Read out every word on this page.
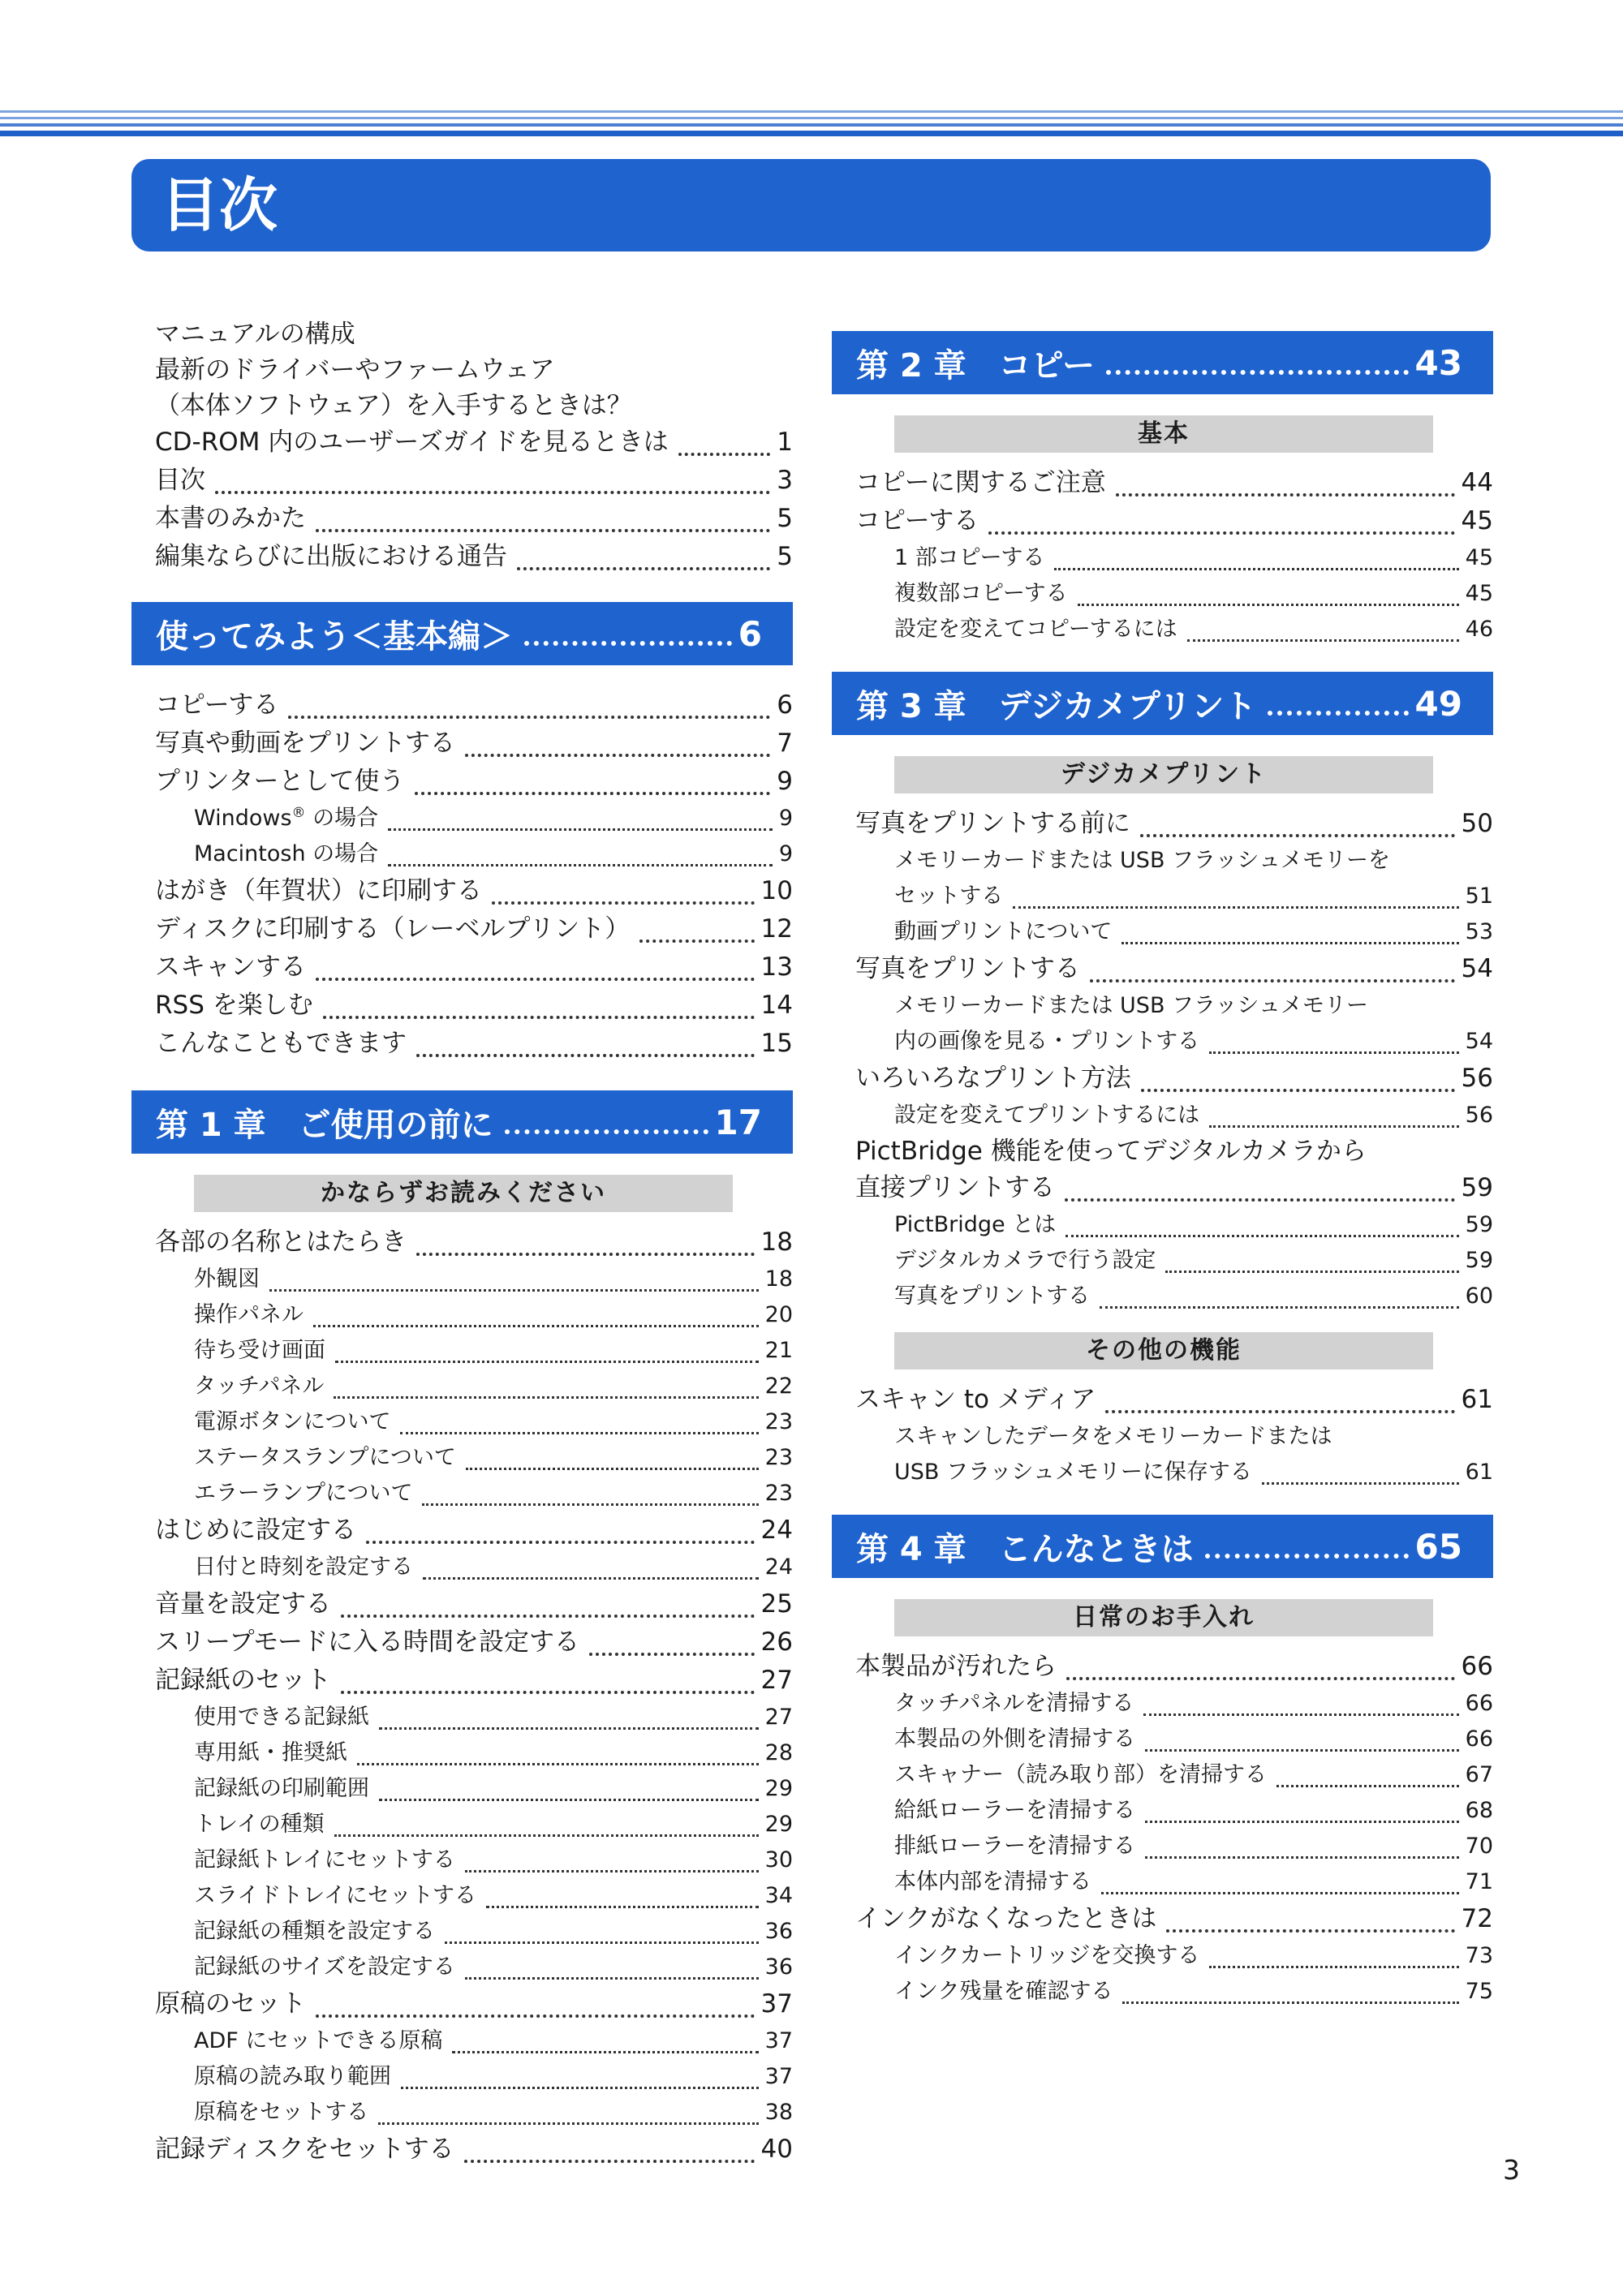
目次
マニュアルの構成
最新のドライバーやファームウェア
（本体ソフトウェア）を入手するときは？
CD-ROM 内のユーザーズガイドを見るときは	1
目次	3
本書のみかた	5
編集ならびに出版における通告	5
使ってみよう＜基本編＞	6
コピーする	6
写真や動画をプリントする	7
プリンターとして使う	9
Windows® の場合	9
Macintosh の場合	9
はがき（年賀状）に印刷する	10
ディスクに印刷する（レーベルプリント）	12
スキャンする	13
RSS を楽しむ	14
こんなこともできます	15
第 1 章　ご使用の前に	17
かならずお読みください
各部の名称とはたらき	18
外観図	18
操作パネル	20
待ち受け画面	21
タッチパネル	22
電源ボタンについて	23
ステータスランプについて	23
エラーランプについて	23
はじめに設定する	24
日付と時刻を設定する	24
音量を設定する	25
スリープモードに入る時間を設定する	26
記録紙のセット	27
使用できる記録紙	27
専用紙・推奨紙	28
記録紙の印刷範囲	29
トレイの種類	29
記録紙トレイにセットする	30
スライドトレイにセットする	34
記録紙の種類を設定する	36
記録紙のサイズを設定する	36
原稿のセット	37
ADF にセットできる原稿	37
原稿の読み取り範囲	37
原稿をセットする	38
記録ディスクをセットする	40
第 2 章　コピー	43
基本
コピーに関するご注意	44
コピーする	45
1 部コピーする	45
複数部コピーする	45
設定を変えてコピーするには	46
第 3 章　デジカメプリント	49
デジカメプリント
写真をプリントする前に	50
メモリーカードまたは USB フラッシュメモリーを
セットする	51
動画プリントについて	53
写真をプリントする	54
メモリーカードまたは USB フラッシュメモリー
内の画像を見る・プリントする	54
いろいろなプリント方法	56
設定を変えてプリントするには	56
PictBridge 機能を使ってデジタルカメラから
直接プリントする	59
PictBridge とは	59
デジタルカメラで行う設定	59
写真をプリントする	60
その他の機能
スキャン to メディア	61
スキャンしたデータをメモリーカードまたは
USB フラッシュメモリーに保存する	61
第 4 章　こんなときは	65
日常のお手入れ
本製品が汚れたら	66
タッチパネルを清掃する	66
本製品の外側を清掃する	66
スキャナー（読み取り部）を清掃する	67
給紙ローラーを清掃する	68
排紙ローラーを清掃する	70
本体内部を清掃する	71
インクがなくなったときは	72
インクカートリッジを交換する	73
インク残量を確認する	75
3
